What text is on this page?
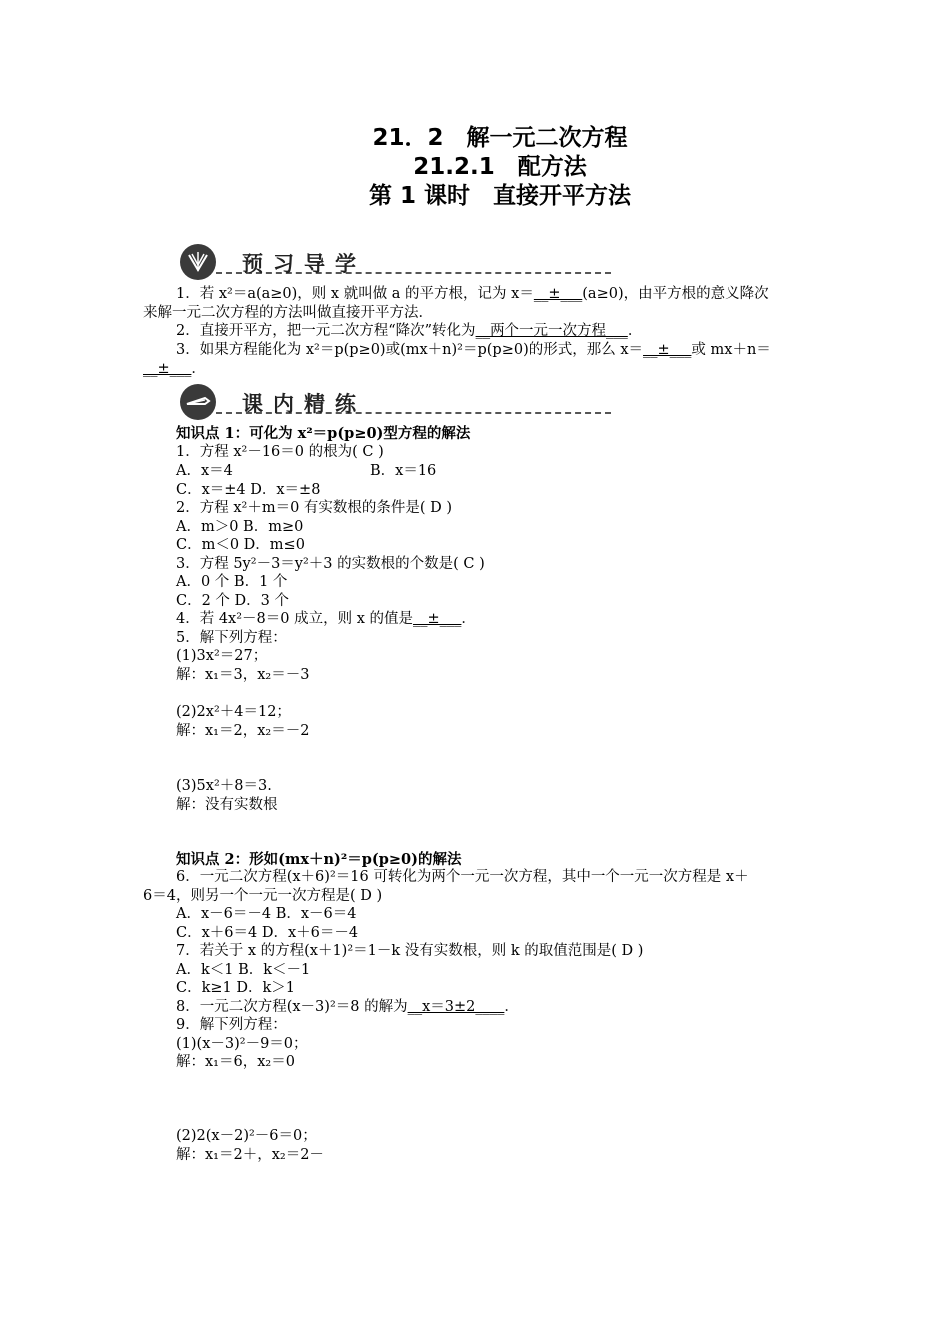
21．2　解一元二次方程
21.2.1　配方法
第 1 课时　直接开平方法
预习导学
1．若 x²＝a(a≥0)，则 x 就叫做 a 的平方根，记为 x＝__±___(a≥0)，由平方根的意义降次
来解一元二次方程的方法叫做直接开平方法．
2．直接开平方，把一元二次方程“降次”转化为__两个一元一次方程___．
3．如果方程能化为 x²＝p(p≥0)或(mx＋n)²＝p(p≥0)的形式，那么 x＝__±___或 mx＋n＝
__±___．
课内精练
知识点 1：可化为 x²＝p(p≥0)型方程的解法
1．方程 x²－16＝0 的根为( C )
A．x＝4	B．x＝16
C．x＝±4 D．x＝±8
2．方程 x²＋m＝0 有实数根的条件是( D )
A．m＞0 B．m≥0
C．m＜0 D．m≤0
3．方程 5y²－3＝y²＋3 的实数根的个数是( C )
A．0 个 B．1 个
C．2 个 D．3 个
4．若 4x²－8＝0 成立，则 x 的值是__±___．
5．解下列方程：
(1)3x²＝27；
解：x₁＝3，x₂＝－3
(2)2x²＋4＝12；
解：x₁＝2，x₂＝－2
(3)5x²＋8＝3.
解：没有实数根
知识点 2：形如(mx＋n)²＝p(p≥0)的解法
6．一元二次方程(x＋6)²＝16 可转化为两个一元一次方程，其中一个一元一次方程是 x＋
6＝4，则另一个一元一次方程是( D )
A．x－6＝－4 B．x－6＝4
C．x＋6＝4 D．x＋6＝－4
7．若关于 x 的方程(x＋1)²＝1－k 没有实数根，则 k 的取值范围是( D )
A．k＜1 B．k＜－1
C．k≥1 D．k＞1
8．一元二次方程(x－3)²＝8 的解为__x＝3±2____．
9．解下列方程：
(1)(x－3)²－9＝0；
解：x₁＝6，x₂＝0
(2)2(x－2)²－6＝0；
解：x₁＝2＋，x₂＝2－
